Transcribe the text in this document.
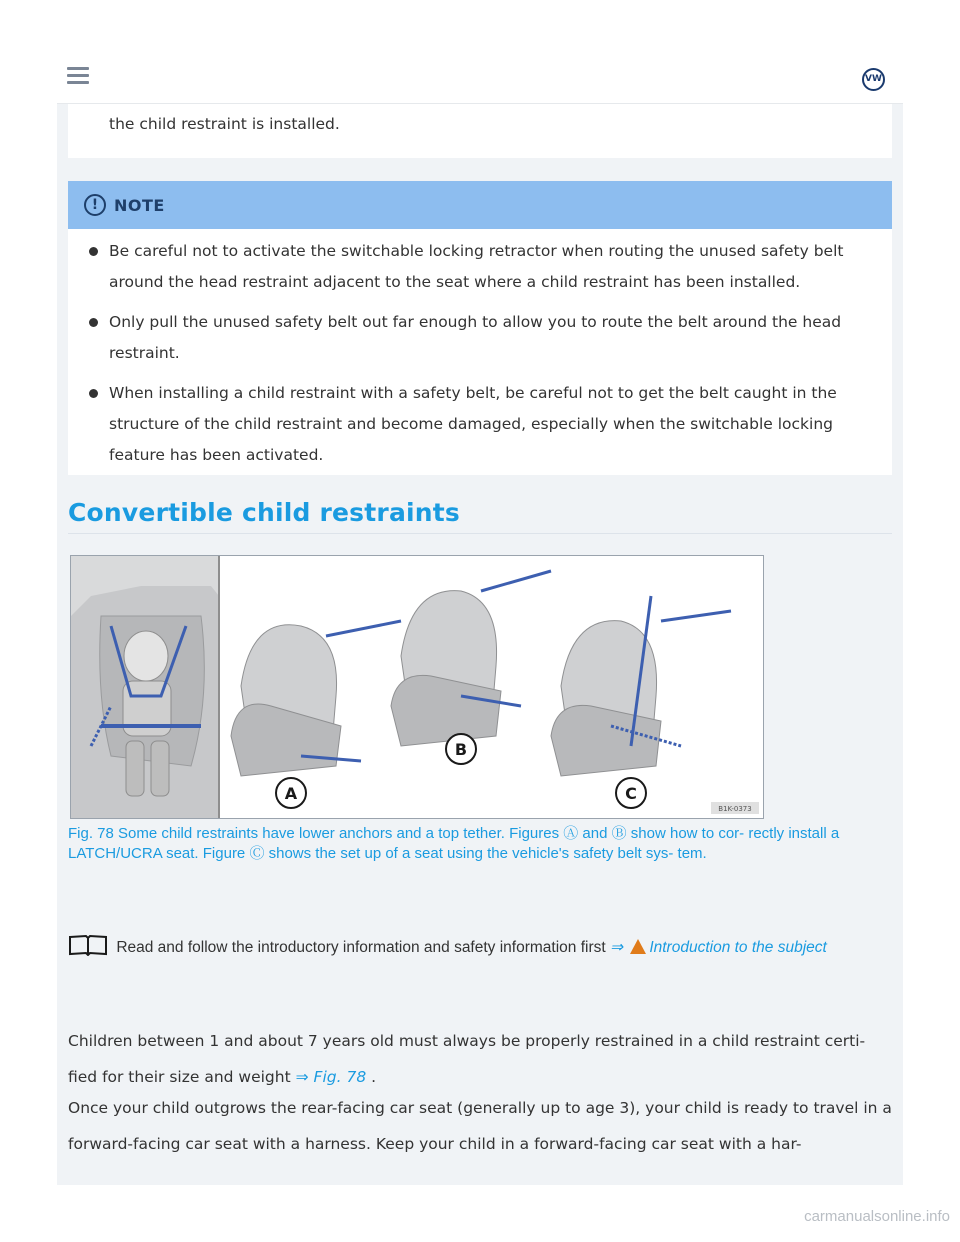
the child restraint is installed.
! NOTE
Be careful not to activate the switchable locking retractor when routing the unused safety belt around the head restraint adjacent to the seat where a child restraint has been installed.
Only pull the unused safety belt out far enough to allow you to route the belt around the head restraint.
When installing a child restraint with a safety belt, be careful not to get the belt caught in the structure of the child restraint and become damaged, especially when the switchable locking feature has been activated.
Convertible child restraints
A
B
C
B1K-0373
Fig. 78 Some child restraints have lower anchors and a top tether. Figures Ⓐ and Ⓑ show how to cor- rectly install a LATCH/UCRA seat. Figure Ⓒ shows the set up of a seat using the vehicle's safety belt sys- tem.
Read and follow the introductory information and safety information first ⇒ Introduction to the subject
Children between 1 and about 7 years old must always be properly restrained in a child restraint certi- fied for their size and weight ⇒ Fig. 78 .
Once your child outgrows the rear-facing car seat (generally up to age 3), your child is ready to travel in a forward-facing car seat with a harness. Keep your child in a forward-facing car seat with a har-
VW
carmanualsonline.info
